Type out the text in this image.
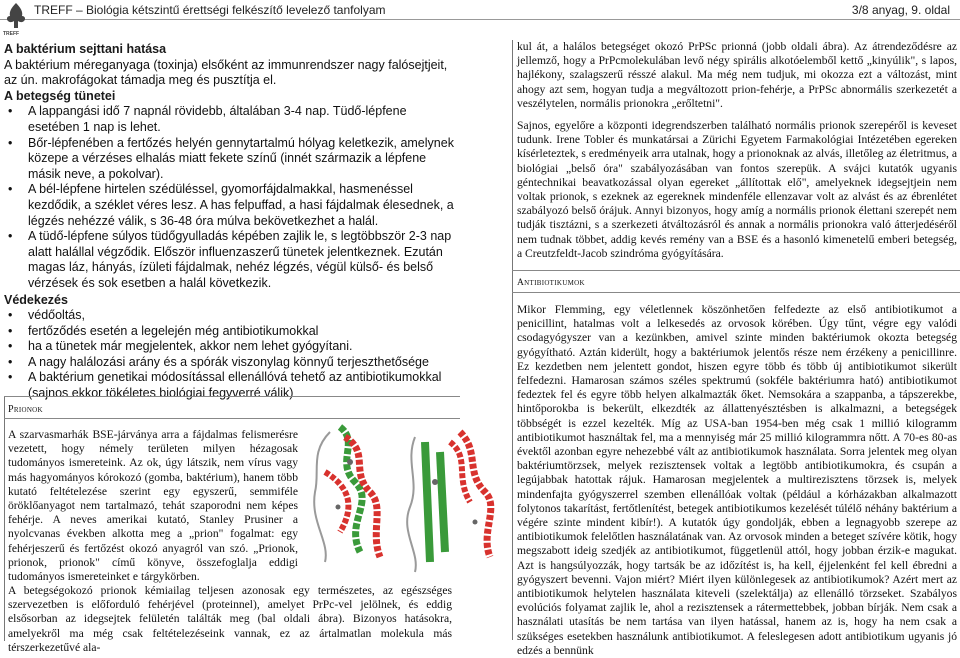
TREFF – Biológia kétszintű érettségi felkészítő levelező tanfolyam	3/8 anyag, 9. oldal
TREFF
A baktérium sejttani hatása

A baktérium méreganyaga (toxinja) elsőként az immunrendszer nagy falósejtjeit, az ún. makrofágokat támadja meg és pusztítja el.

A betegség tünetei
• A lappangási idő 7 napnál rövidebb, általában 3-4 nap. Tüdő-lépfene esetében 1 nap is lehet.
• Bőr-lépfenében a fertőzés helyén gennytartalmú hólyag keletkezik, amelynek közepe a vérzéses elhalás miatt fekete színű (innét származik a lépfene másik neve, a pokolvar).
• A bél-lépfene hirtelen szédüléssel, gyomorfájdalmakkal, hasmenéssel kezdődik, a széklet véres lesz. A has felpuffad, a hasi fájdalmak élesednek, a légzés nehézzé válik, s 36-48 óra múlva bekövetkezhet a halál.
• A tüdő-lépfene súlyos tüdőgyulladás képében zajlik le, s legtöbbször 2-3 nap alatt halállal végződik. Először influenzaszerű tünetek jelentkeznek. Ezután magas láz, hányás, ízületi fájdalmak, nehéz légzés, végül külső- és belső vérzések és sok esetben a halál következik.
Védekezés
• védőoltás,
• fertőződés esetén a legelején még antibiotikumokkal
• ha a tünetek már megjelentek, akkor nem lehet gyógyítani.
• A nagy halálozási arány és a spórák viszonylag könnyű terjeszthetősége
• A baktérium genetikai módosítással ellenállóvá tehető az antibiotikumokkal (sajnos ekkor tökéletes biológiai fegyverré válik)
Prionok
A szarvasmarhák BSE-járványa arra a fájdalmas felismerésre vezetett, hogy némely területen milyen hézagosak tudományos ismereteink. Az ok, úgy látszik, nem vírus vagy más hagyományos kórokozó (gomba, baktérium), hanem több kutató feltételezése szerint egy egyszerű, semmiféle öröklőanyagot nem tartalmazó, tehát szaporodni nem képes fehérje. A neves amerikai kutató, Stanley Prusiner a nyolcvanas években alkotta meg a „prion" fogalmat: egy fehérjeszerű és fertőzést okozó anyagról van szó. „Prionok, prionok, prionok" című könyve, összefoglalja eddigi tudományos ismereteinket e tárgykörben.
A betegségokozó prionok kémiailag teljesen azonosak egy természetes, az egészséges szervezetben is előforduló fehérjével (proteinnel), amelyet PrPc-vel jelölnek, és eddig elsősorban az idegsejtek felületén találták meg (bal oldali ábra). Bizonyos hatásokra, amelyekről ma még csak feltételezéseink vannak, ez az ártalmatlan molekula más térszerkezetűvé ala-
kul át, a halálos betegséget okozó PrPSc prionná (jobb oldali ábra). Az átrendeződésre az jellemző, hogy a PrPcmolekulában levő négy spirális alkotóelemből kettő „kinyúlik", s lapos, hajlékony, szalagszerű résszé alakul. Ma még nem tudjuk, mi okozza ezt a változást, mint ahogy azt sem, hogyan tudja a megváltozott prion-fehérje, a PrPSc abnormális szerkezetét a veszélytelen, normális prionokra „erőltetni".
Sajnos, egyelőre a központi idegrendszerben található normális prionok szerepéről is keveset tudunk. Irene Tobler és munkatársai a Zürichi Egyetem Farmakológiai Intézetében egereken kísérleteztek, s eredményeik arra utalnak, hogy a prionoknak az alvás, illetőleg az életritmus, a biológiai „belső óra" szabályozásában van fontos szerepük. A svájci kutatók ugyanis géntechnikai beavatkozással olyan egereket „állítottak elő", amelyeknek idegsejtjein nem voltak prionok, s ezeknek az egereknek mindenféle ellenzavar volt az alvást és az ébrenlétet szabályozó belső órájuk. Annyi bizonyos, hogy amíg a normális prionok élettani szerepét nem tudják tisztázni, s a szerkezeti átváltozásról és annak a normális prionokra való átterjedéséről nem tudnak többet, addig kevés remény van a BSE és a hasonló kimenetelű emberi betegség, a Creutzfeldt-Jacob szindróma gyógyítására.
Antibiotikumok
Mikor Flemming, egy véletlennek köszönhetően felfedezte az első antibiotikumot a penicillint, hatalmas volt a lelkesedés az orvosok körében. Úgy tűnt, végre egy valódi csodagyógyszer van a kezünkben, amivel szinte minden baktériumok okozta betegség gyógyítható. Aztán kiderült, hogy a baktériumok jelentős része nem érzékeny a penicillinre. Ez kezdetben nem jelentett gondot, hiszen egyre több és több új antibiotikumot sikerült felfedezni. Hamarosan számos széles spektrumú (sokféle baktériumra ható) antibiotikumot fedeztek fel és egyre több helyen alkalmazták őket. Nemsokára a szappanba, a tápszerekbe, hintőporokba is bekerült, elkezdték az állattenyésztésben is alkalmazni, a betegségek többségét is ezzel kezelték. Míg az USA-ban 1954-ben még csak 1 millió kilogramm antibiotikumot használtak fel, ma a mennyiség már 25 millió kilogrammra nőtt. A 70-es 80-as évektől azonban egyre nehezebbé vált az antibiotikumok használata. Sorra jelentek meg olyan baktériumtörzsek, melyek rezisztensek voltak a legtöbb antibiotikumokra, és csupán a legújabbak hatottak rájuk. Hamarosan megjelentek a multirezisztens törzsek is, melyek mindenfajta gyógyszerrel szemben ellenállóak voltak (például a kórházakban alkalmazott folytonos takarítást, fertőtlenítést, betegek antibiotikumos kezelését túlélő néhány baktérium a végére szinte mindent kibír!). A kutatók úgy gondolják, ebben a legnagyobb szerepe az antibiotikumok felelőtlen használatának van. Az orvosok minden a beteget szívére kötik, hogy megszabott ideig szedjék az antibiotikumot, függetlenül attól, hogy jobban érzik-e magukat. Azt is hangsúlyozzák, hogy tartsák be az időzítést is, ha kell, éjjelenként fel kell ébredni a gyógyszert bevenni. Vajon miért? Miért ilyen különlegesek az antibiotikumok? Azért mert az antibiotikumok helytelen használata kiteveli (szelektálja) az ellenálló törzseket. Szabályos evolúciós folyamat zajlik le, ahol a rezisztensek a rátermettebbek, jobban bírják. Nem csak a használati utasítás be nem tartása van ilyen hatással, hanem az is, hogy ha nem csak a szükséges esetekben használunk antibiotikumot. A feleslegesen adott antibiotikum ugyanis jó edzés a bennünk
